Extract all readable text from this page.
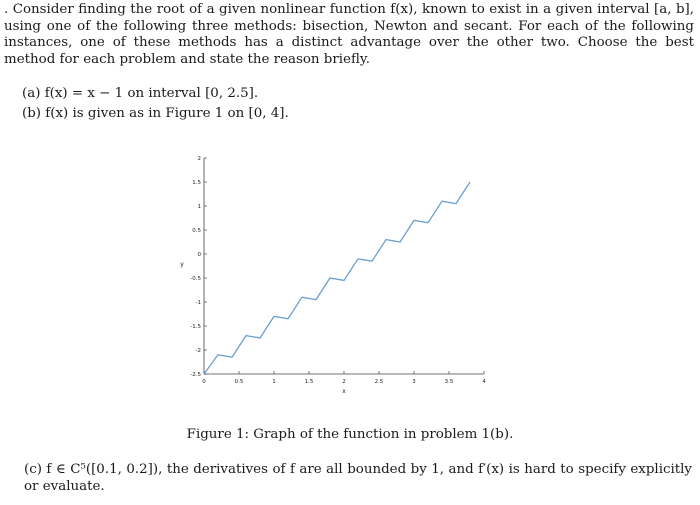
. Consider finding the root of a given nonlinear function f(x), known to exist in a given interval [a, b], using one of the following three methods: bisection, Newton and secant. For each of the following instances, one of these methods has a distinct advantage over the other two. Choose the best method for each problem and state the reason briefly.
(a) f(x) = x − 1 on interval [0, 2.5].
(b) f(x) is given as in Figure 1 on [0, 4].
0	0.5	1	1.5	2	2.5	3	3.5	4
2
1.5
1
0.5
0
-0.5
-1
-1.5
-2
-2.5
x
y
Figure 1: Graph of the function in problem 1(b).
(c) f ∈ C⁵([0.1, 0.2]), the derivatives of f are all bounded by 1, and f′(x) is hard to specify explicitly or evaluate.
